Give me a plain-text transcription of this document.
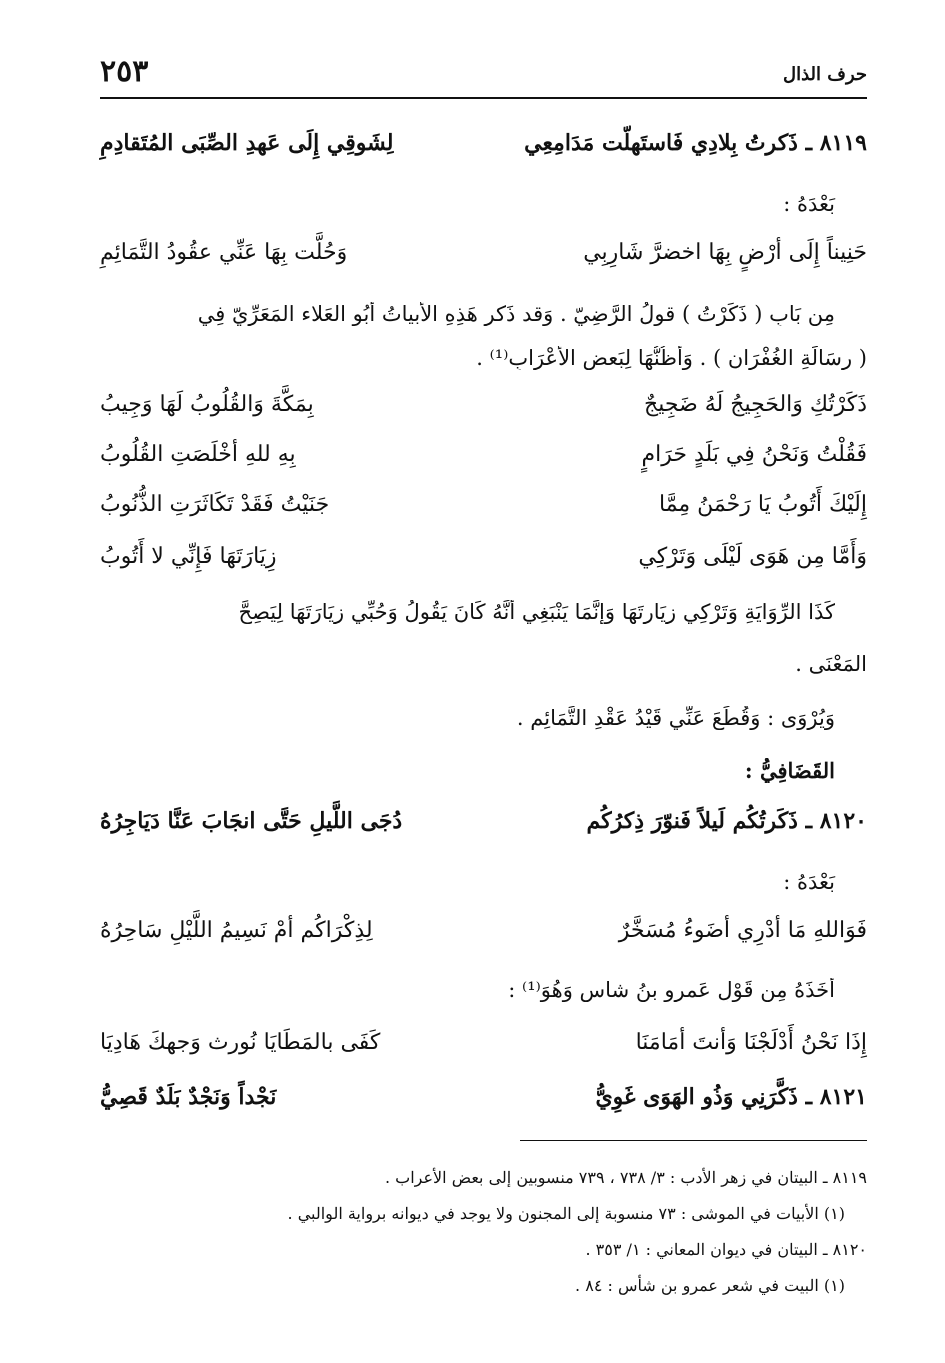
حرف الذال
٢٥٣
٨١١٩ ـ ذَكرتُ بِلادِي فَاستَهلّت مَدَامِعِي
لِشَوقِي إِلَى عَهدِ الصِّبَى المُتَقادِمِ
بَعْدَهُ :
حَنِيناً إِلَى أرْضٍ بِهَا اخضرَّ شَارِبِي
وَحُلَّت بِهَا عَنِّي عقُودُ التَّمَائِمِ
مِن بَابِ ( ذَكَرْتُ ) قولُ الرَّضِيّ . وَقد ذَكر هَذِهِ الأبياتُ أبُو العَلاء المَعَرِّيّ فِي
( رِسَالَةِ الغُفْرَانِ ) . وَأَظُنُّهَا لِبَعضِ الأَعْرَابِ⁽¹⁾ .
ذَكَرْتُكِ وَالحَجِيجُ لَهُ ضَجِيجٌ
بِمَكَّةَ وَالقُلُوبُ لَهَا وَجِيبُ
فَقُلْتُ وَنَحْنُ فِي بَلَدٍ حَرَامٍ
بِهِ للهِ أخْلَصَتِ القُلُوبُ
إِلَيْكَ أَتُوبُ يَا رَحْمَنُ مِمَّا
جَنَيْتُ فَقَدْ تَكَاثَرَتِ الذُّنُوبُ
وَأَمَّا مِن هَوَى لَيْلَى وَتَرْكِي
زِيَارَتَهَا فَإِنِّي لا أَتُوبُ
كَذَا الرِّوَايَةِ وَتَرْكِي زِيَارتَهَا وَإِنَّمَا يَنْبَغِي أَنَّهُ كَانَ يَقُولُ وَحُبِّي زِيَارَتَهَا لِيَصِحَّ
المَعْنَى .
وَيُرْوَى : وَقُطِّعَ عَنِّي قَيْدُ عَقْدِ التَّمَائِمِ .
القَضَافِيُّ :
٨١٢٠ ـ ذَكَرتُكُم لَيلاً فَنوّرَ ذِكرُكُم
دُجَى اللَّيلِ حَتَّى انجَابَ عَنَّا دَيَاجِرُهُ
بَعْدَهُ :
فَوَاللهِ مَا أدْرِي أضَوءُ مُسَخَّرٌ
لِذِكْرَاكُم أمْ نَسِيمُ اللَّيْلِ سَاحِرُهُ
أَخَذَهُ مِن قَوْلِ عَمرِو بنُ شاسٍ وَهُوَ⁽¹⁾ :
إِذَا نَحْنُ أَدْلَجْنَا وَأنتَ أمَامَنَا
كَفَى بالمَطَايَا نُورث وَجهكَ هَادِيَا
٨١٢١ ـ ذَكَّرَنِي وَذُو الهَوَى غَوِيُّ
نَجْداً وَنَجْدٌ بَلَدٌ قَصِيُّ
٨١١٩ ـ البيتان في زهر الأدب : ٣/ ٧٣٨ ، ٧٣٩ منسوبين إلى بعض الأعراب .
(١) الأبيات في الموشى : ٧٣ منسوبة إلى المجنون ولا يوجد في ديوانه برواية الوالبي .
٨١٢٠ ـ البيتان في ديوان المعاني : ١/ ٣٥٣ .
(١) البيت في شعر عمرو بن شأس : ٨٤ .
